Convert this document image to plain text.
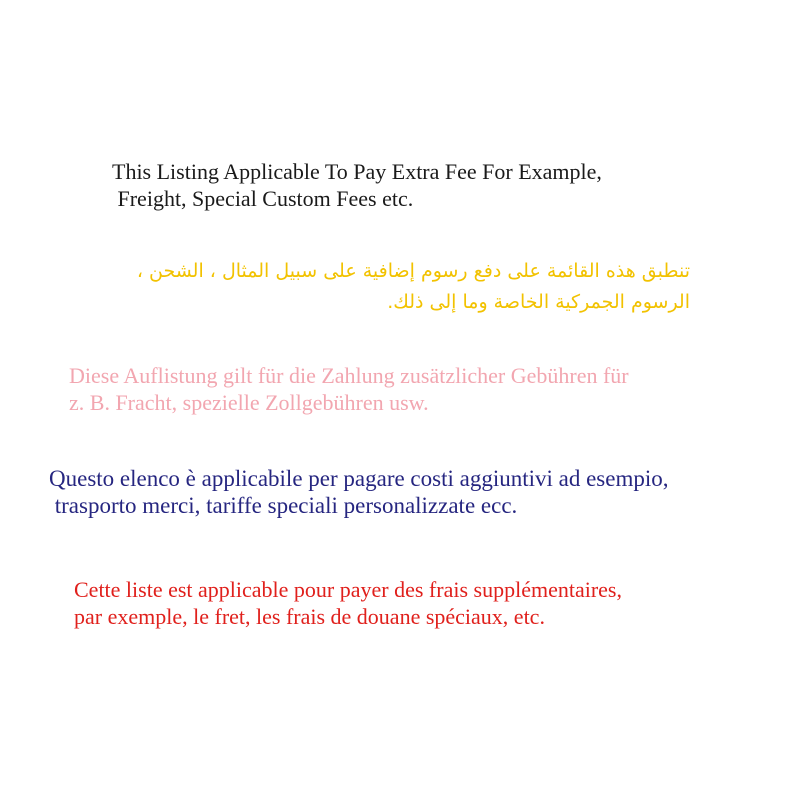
This Listing Applicable To Pay Extra Fee For Example,
Freight, Special Custom Fees etc.
تنطبق هذه القائمة على دفع رسوم إضافية على سبيل المثال ، الشحن ،
الرسوم الجمركية الخاصة وما إلى ذلك.
Diese Auflistung gilt für die Zahlung zusätzlicher Gebühren für
z. B. Fracht, spezielle Zollgebühren usw.
Questo elenco è applicabile per pagare costi aggiuntivi ad esempio,
trasporto merci, tariffe speciali personalizzate ecc.
Cette liste est applicable pour payer des frais supplémentaires,
par exemple, le fret, les frais de douane spéciaux, etc.
